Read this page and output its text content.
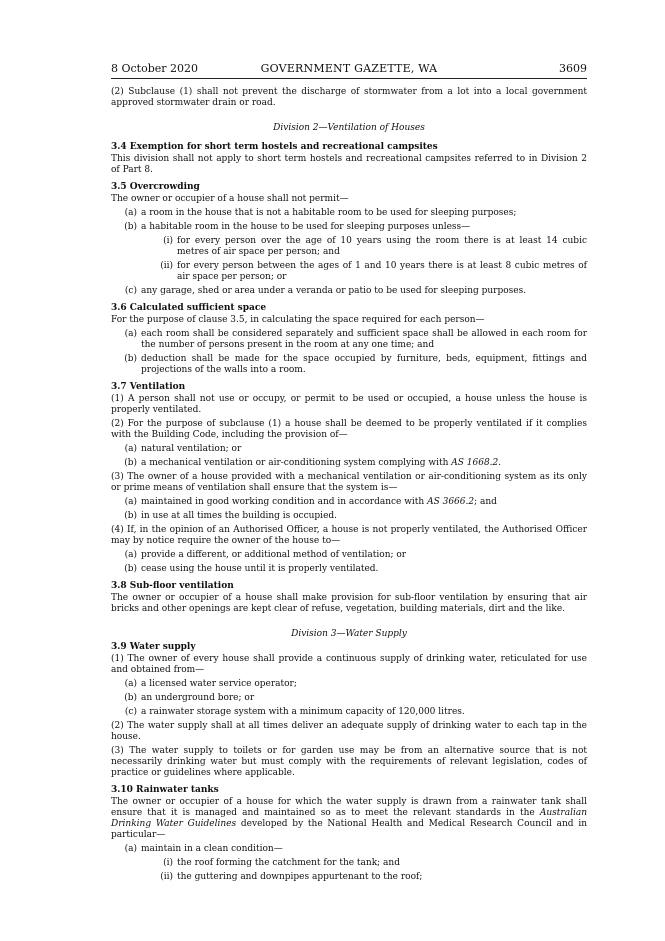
8 October 2020	GOVERNMENT GAZETTE, WA	3609

(2) Subclause (1) shall not prevent the discharge of stormwater from a lot into a local government approved stormwater drain or road.

Division 2—Ventilation of Houses
3.4 Exemption for short term hostels and recreational campsites

This division shall not apply to short term hostels and recreational campsites referred to in Division 2 of Part 8.

3.5 Overcrowding

The owner or occupier of a house shall not permit—

(a) a room in the house that is not a habitable room to be used for sleeping purposes;
(b) a habitable room in the house to be used for sleeping purposes unless—
(i) for every person over the age of 10 years using the room there is at least 14 cubic metres of air space per person; and
(ii) for every person between the ages of 1 and 10 years there is at least 8 cubic metres of air space per person; or
(c) any garage, shed or area under a veranda or patio to be used for sleeping purposes.
3.6 Calculated sufficient space

For the purpose of clause 3.5, in calculating the space required for each person—

(a) each room shall be considered separately and sufficient space shall be allowed in each room for the number of persons present in the room at any one time; and
(b) deduction shall be made for the space occupied by furniture, beds, equipment, fittings and projections of the walls into a room.
3.7 Ventilation

(1) A person shall not use or occupy, or permit to be used or occupied, a house unless the house is properly ventilated.

(2) For the purpose of subclause (1) a house shall be deemed to be properly ventilated if it complies with the Building Code, including the provision of—

(a) natural ventilation; or
(b) a mechanical ventilation or air-conditioning system complying with AS 1668.2.

(3) The owner of a house provided with a mechanical ventilation or air-conditioning system as its only or prime means of ventilation shall ensure that the system is—

(a) maintained in good working condition and in accordance with AS 3666.2; and
(b) in use at all times the building is occupied.

(4) If, in the opinion of an Authorised Officer, a house is not properly ventilated, the Authorised Officer may by notice require the owner of the house to—

(a) provide a different, or additional method of ventilation; or
(b) cease using the house until it is properly ventilated.
3.8 Sub-floor ventilation

The owner or occupier of a house shall make provision for sub-floor ventilation by ensuring that air bricks and other openings are kept clear of refuse, vegetation, building materials, dirt and the like.

Division 3—Water Supply
3.9 Water supply

(1) The owner of every house shall provide a continuous supply of drinking water, reticulated for use and obtained from—

(a) a licensed water service operator;
(b) an underground bore; or
(c) a rainwater storage system with a minimum capacity of 120,000 litres.

(2) The water supply shall at all times deliver an adequate supply of drinking water to each tap in the house.

(3) The water supply to toilets or for garden use may be from an alternative source that is not necessarily drinking water but must comply with the requirements of relevant legislation, codes of practice or guidelines where applicable.

3.10 Rainwater tanks

The owner or occupier of a house for which the water supply is drawn from a rainwater tank shall ensure that it is managed and maintained so as to meet the relevant standards in the Australian Drinking Water Guidelines developed by the National Health and Medical Research Council and in particular—

(a) maintain in a clean condition—
(i) the roof forming the catchment for the tank; and
(ii) the guttering and downpipes appurtenant to the roof;
